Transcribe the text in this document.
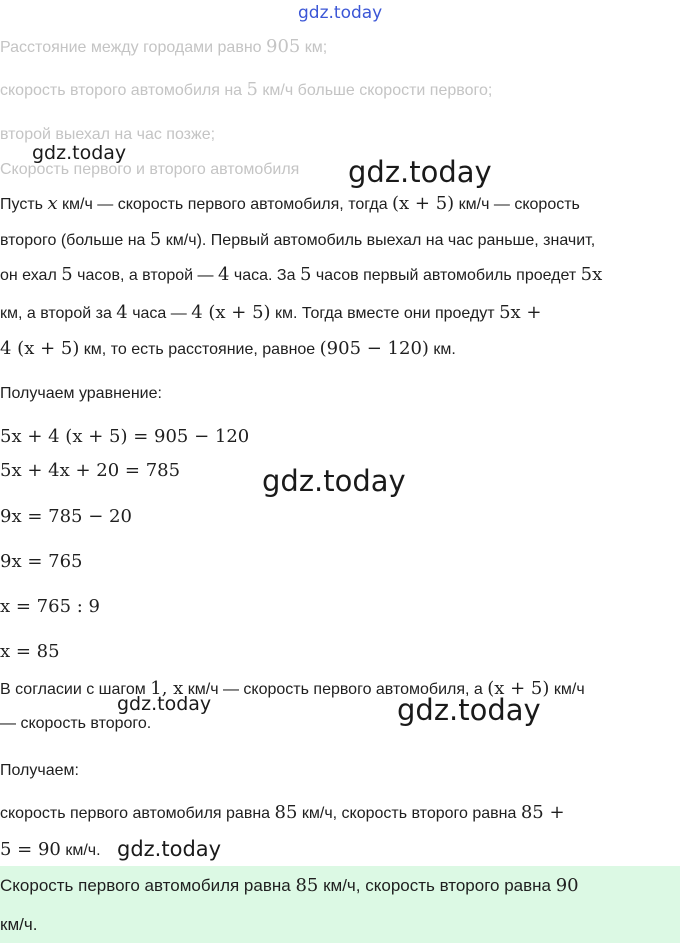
gdz.today
Расстояние между городами равно 905 км;
скорость второго автомобиля на 5 км/ч больше скорости первого;
второй выехал на час позже;
Скорость первого и второго автомобиля
gdz.today
gdz.today
Пусть x км/ч — скорость первого автомобиля, тогда (x + 5) км/ч — скорость
второго (больше на 5 км/ч). Первый автомобиль выехал на час раньше, значит,
он ехал 5 часов, а второй — 4 часа. За 5 часов первый автомобиль проедет 5x
км, а второй за 4 часа — 4 (x + 5) км. Тогда вместе они проедут 5x +
4 (x + 5) км, то есть расстояние, равное (905 − 120) км.
Получаем уравнение:
5x + 4 (x + 5) = 905 − 120
5x + 4x + 20 = 785
9x = 785 − 20
9x = 765
x = 765 : 9
x = 85
gdz.today
В согласии с шагом 1, x км/ч — скорость первого автомобиля, а (x + 5) км/ч
— скорость второго.
gdz.today	gdz.today
Получаем:
скорость первого автомобиля равна 85 км/ч, скорость второго равна 85 +
5 = 90 км/ч. gdz.today
Скорость первого автомобиля равна 85 км/ч, скорость второго равна 90
км/ч.
